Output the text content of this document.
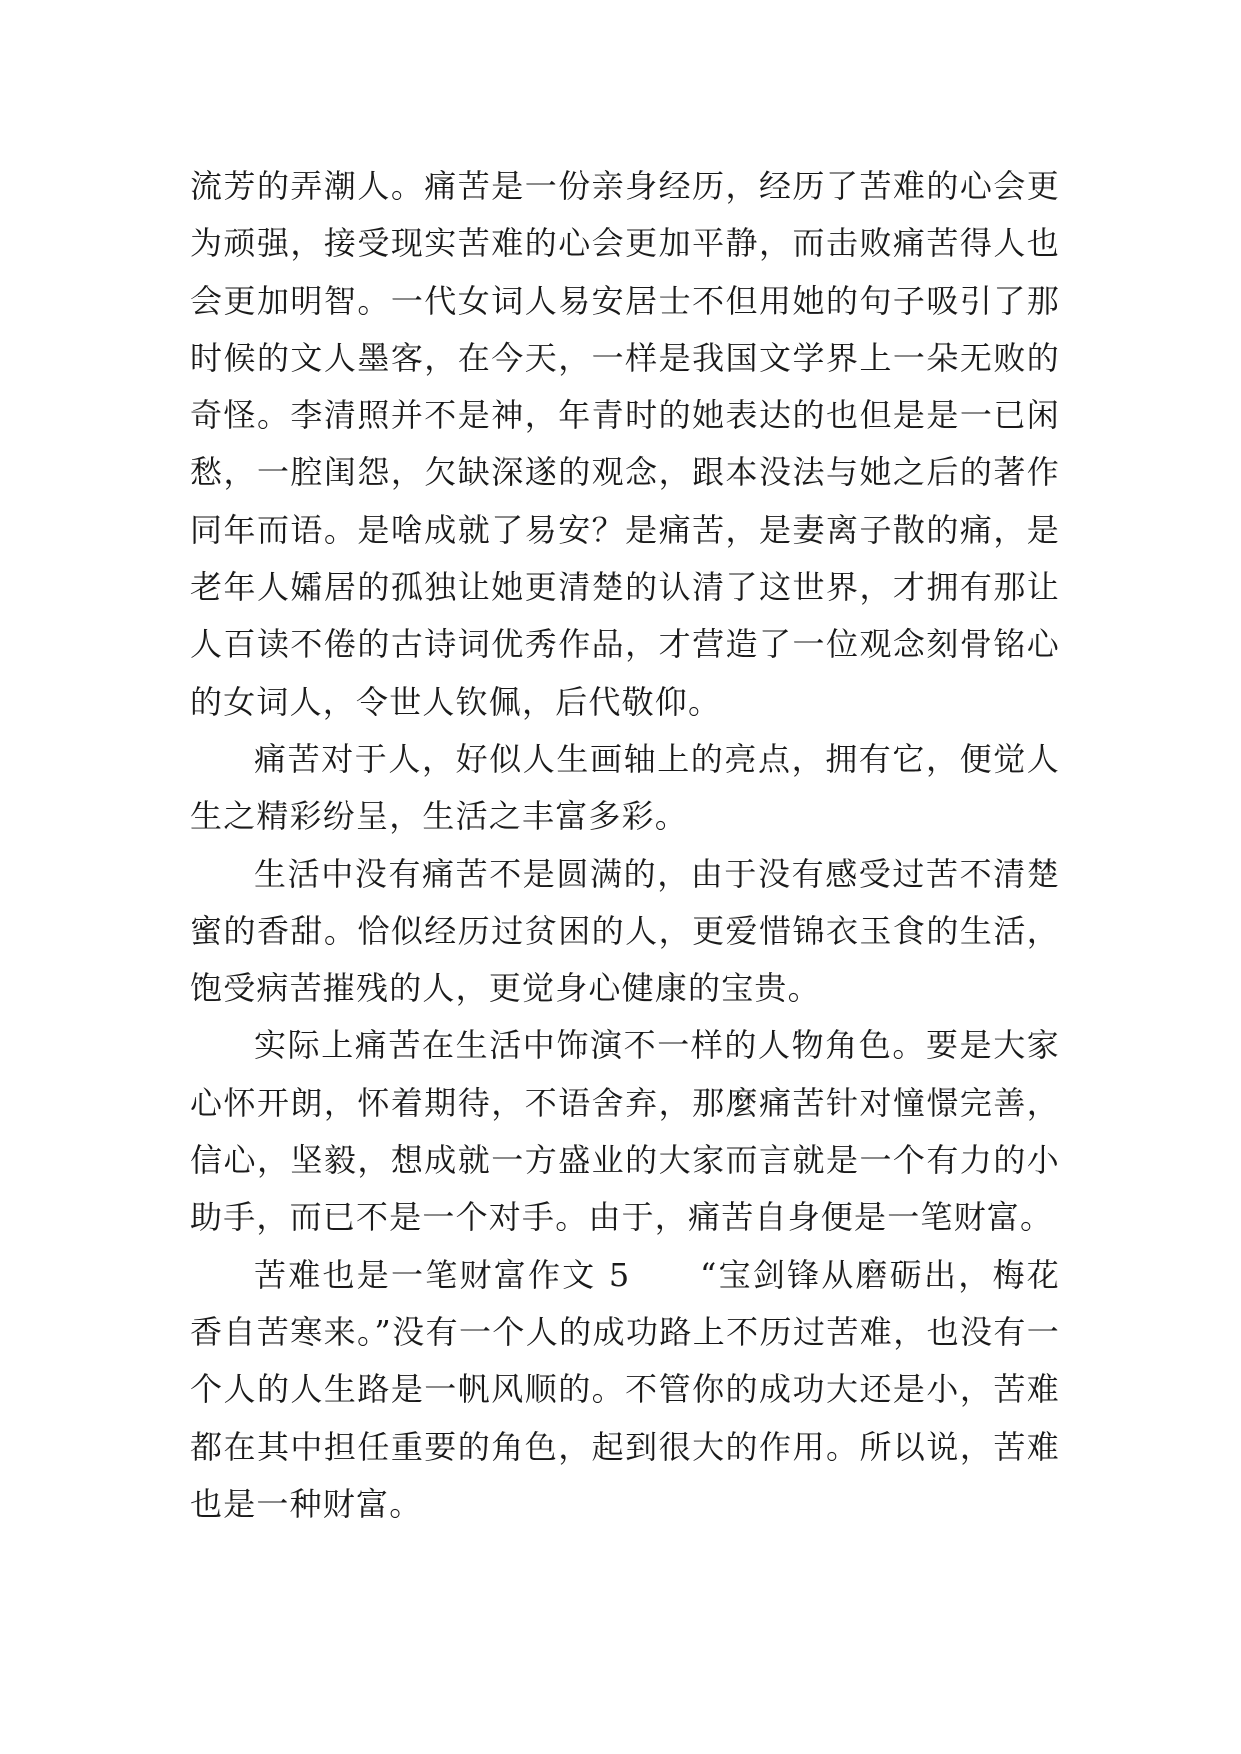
流芳的弄潮人。痛苦是一份亲身经历，经历了苦难的心会更为顽强，接受现实苦难的心会更加平静，而击败痛苦得人也会更加明智。一代女词人易安居士不但用她的句子吸引了那时候的文人墨客，在今天，一样是我国文学界上一朵无败的奇怪。李清照并不是神，年青时的她表达的也但是是一已闲愁，一腔闺怨，欠缺深遂的观念，跟本没法与她之后的著作同年而语。是啥成就了易安？是痛苦，是妻离子散的痛，是老年人孀居的孤独让她更清楚的认清了这世界，才拥有那让人百读不倦的古诗词优秀作品，才营造了一位观念刻骨铭心的女词人，令世人钦佩，后代敬仰。

痛苦对于人，好似人生画轴上的亮点，拥有它，便觉人生之精彩纷呈，生活之丰富多彩。

生活中没有痛苦不是圆满的，由于没有感受过苦不清楚蜜的香甜。恰似经历过贫困的人，更爱惜锦衣玉食的生活，饱受病苦摧残的人，更觉身心健康的宝贵。

实际上痛苦在生活中饰演不一样的人物角色。要是大家心怀开朗，怀着期待，不语舍弃，那麼痛苦针对憧憬完善，信心，坚毅，想成就一方盛业的大家而言就是一个有力的小助手，而已不是一个对手。由于，痛苦自身便是一笔财富。

苦难也是一笔财富作文 5　　“宝剑锋从磨砺出，梅花香自苦寒来。”没有一个人的成功路上不历过苦难，也没有一个人的人生路是一帆风顺的。不管你的成功大还是小，苦难都在其中担任重要的角色，起到很大的作用。所以说，苦难也是一种财富。
